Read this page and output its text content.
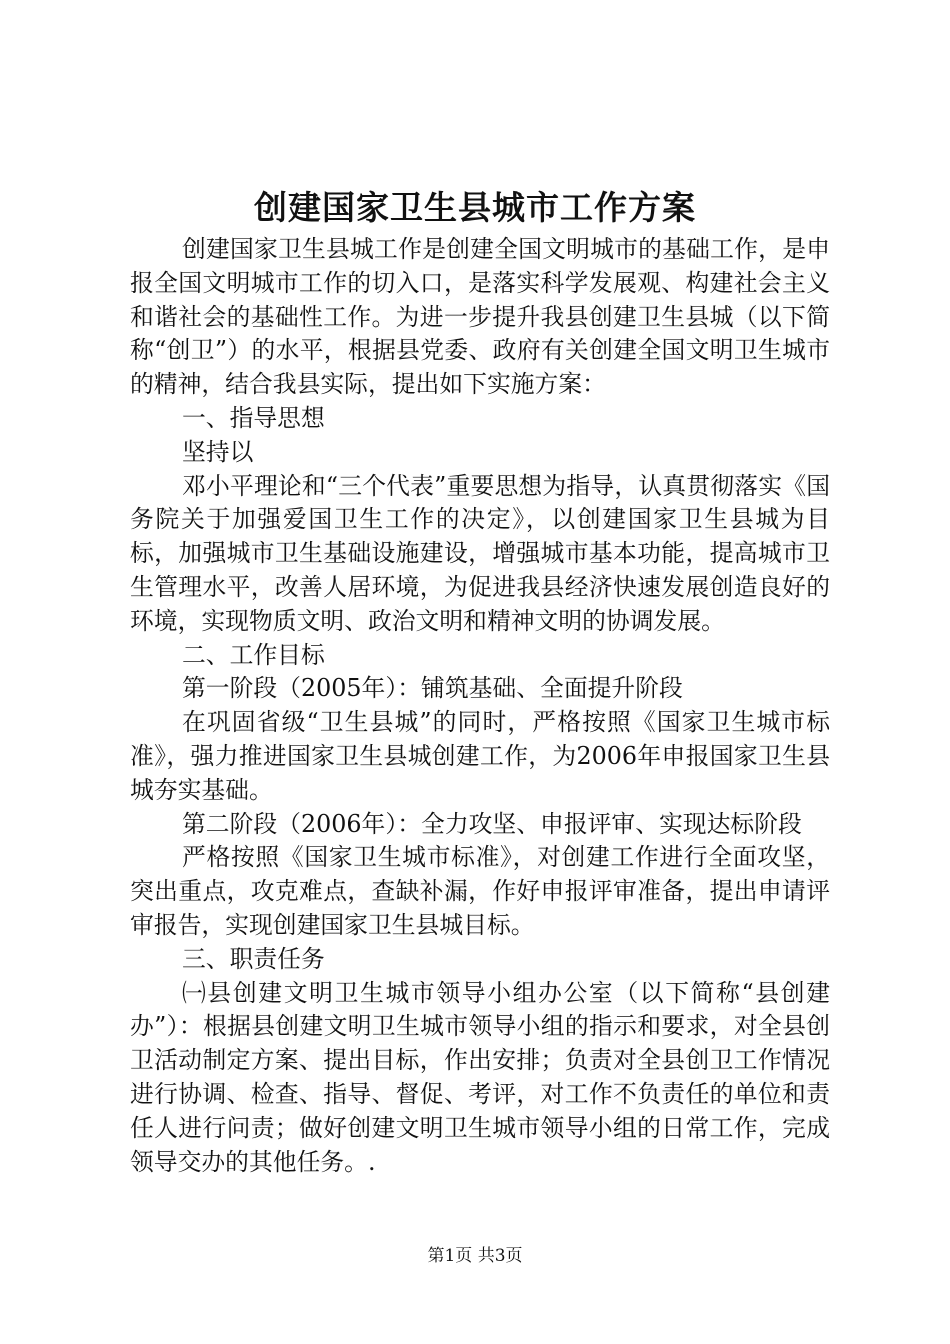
创建国家卫生县城市工作方案

创建国家卫生县城工作是创建全国文明城市的基础工作，是申报全国文明城市工作的切入口，是落实科学发展观、构建社会主义和谐社会的基础性工作。为进一步提升我县创建卫生县城（以下简称“创卫”）的水平，根据县党委、政府有关创建全国文明卫生城市的精神，结合我县实际，提出如下实施方案：

一、指导思想

坚持以

邓小平理论和“三个代表”重要思想为指导，认真贯彻落实《国务院关于加强爱国卫生工作的决定》，以创建国家卫生县城为目标，加强城市卫生基础设施建设，增强城市基本功能，提高城市卫生管理水平，改善人居环境，为促进我县经济快速发展创造良好的环境，实现物质文明、政治文明和精神文明的协调发展。

二、工作目标

第一阶段（2005年）：铺筑基础、全面提升阶段

在巩固省级“卫生县城”的同时，严格按照《国家卫生城市标准》，强力推进国家卫生县城创建工作，为2006年申报国家卫生县城夯实基础。

第二阶段（2006年）：全力攻坚、申报评审、实现达标阶段

严格按照《国家卫生城市标准》，对创建工作进行全面攻坚，突出重点，攻克难点，查缺补漏，作好申报评审准备，提出申请评审报告，实现创建国家卫生县城目标。

三、职责任务

㈠县创建文明卫生城市领导小组办公室（以下简称“县创建办”）：根据县创建文明卫生城市领导小组的指示和要求，对全县创卫活动制定方案、提出目标，作出安排；负责对全县创卫工作情况进行协调、检查、指导、督促、考评，对工作不负责任的单位和责任人进行问责；做好创建文明卫生城市领导小组的日常工作，完成领导交办的其他任务。.

第1页 共3页
